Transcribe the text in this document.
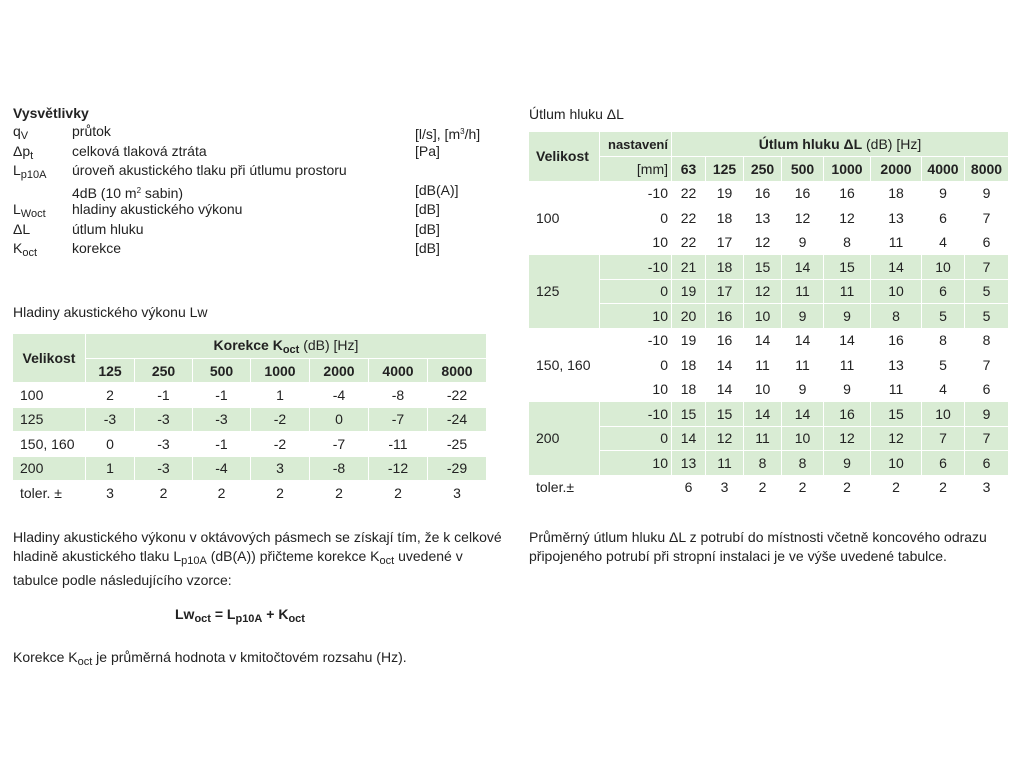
Vysvětlivky
$q_V$	průtok	[l/s], $[m^3/h]$
$\Delta p_t$	celková tlaková ztráta	[Pa]
$L_{p10A}$ úroveň akustického tlaku při útlumu prostoru
4dB (10 $m^2$ sabin)	[dB(A)]
$L_{Woct}$ hladiny akustického výkonu	[dB]
ΔL	útlum hluku	[dB]
$K_{oct}$ korekce	[dB]
Hladiny akustického výkonu Lw
Velikost	Korekce $K_{oct}$ (dB) [Hz]						
	125	250	500	1000	2000	4000	8000
100	2	-1	-1	1	-4	-8	-22
125	-3	-3	-3	-2	0	-7	-24
150, 160	0	-3	-1	-2	-7	-11	-25
200	1	-3	-4	3	-8	-12	-29
toler. ±	3	2	2	2	2	2	3
Útlum hluku ΔL
Velikost	nastavení	Útlum hluku ΔL (dB) [Hz]							
	[mm]	63	125	250	500	1000	2000	4000	8000
100	-10	22	19	16	16	16	18	9	9
	0	22	18	13	12	12	13	6	7
	10	22	17	12	9	8	11	4	6
125	-10	21	18	15	14	15	14	10	7
	0	19	17	12	11	11	10	6	5
	10	20	16	10	9	9	8	5	5
150, 160	-10	19	16	14	14	14	16	8	8
	0	18	14	11	11	11	13	5	7
	10	18	14	10	9	9	11	4	6
200	-10	15	15	14	14	16	15	10	9
	0	14	12	11	10	12	12	7	7
	10	13	11	8	8	9	10	6	6
toler.±		6	3	2	2	2	2	2	3
Hladiny akustického výkonu v oktávových pásmech se získají tím, že k celkové hladině akustického tlaku $L_{p10A}$ (dB(A)) přičteme korekce $K_{oct}$ uvedené v tabulce podle následujícího vzorce:
$Lw_{oct} = L_{p10A} + K_{oct}$
Korekce $K_{oct}$ je průměrná hodnota v kmitočtovém rozsahu (Hz).
Průměrný útlum hluku ΔL z potrubí do místnosti včetně koncového odrazu připojeného potrubí při stropní instalaci je ve výše uvedené tabulce.
